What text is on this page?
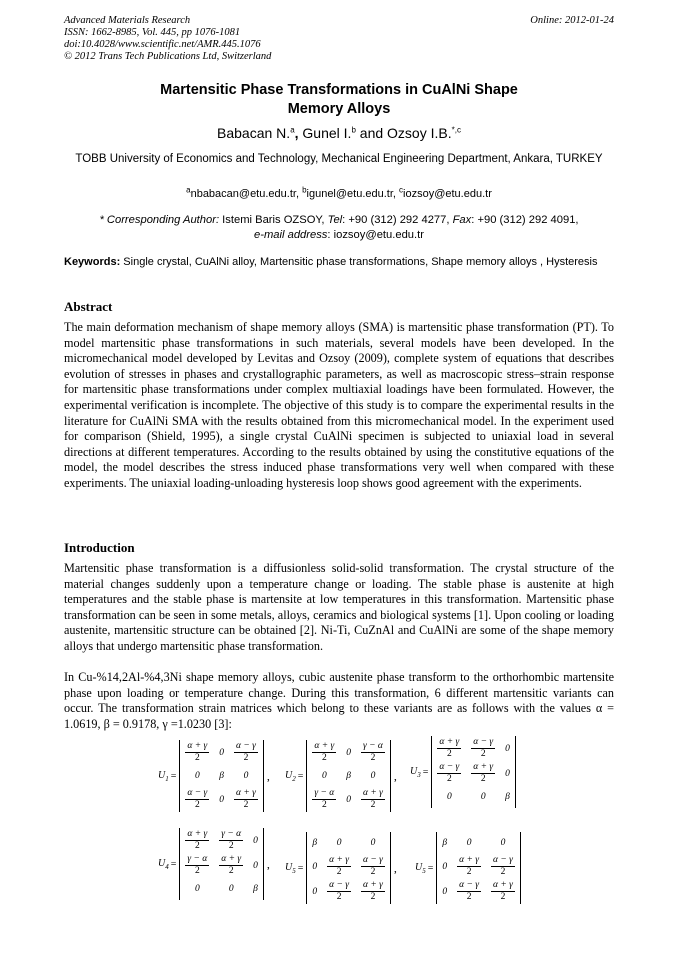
Advanced Materials Research
ISSN: 1662-8985, Vol. 445, pp 1076-1081
doi:10.4028/www.scientific.net/AMR.445.1076
© 2012 Trans Tech Publications Ltd, Switzerland
Online: 2012-01-24
Martensitic Phase Transformations in CuAlNi Shape
Memory Alloys
Babacan N.$^a$, Gunel I.$^b$ and Ozsoy I.B.$^{*,c}$
TOBB University of Economics and Technology, Mechanical Engineering Department, Ankara, TURKEY
$^a$nbabacan@etu.edu.tr, $^b$igunel@etu.edu.tr, $^c$iozsoy@etu.edu.tr
* Corresponding Author: Istemi Baris OZSOY, Tel: +90 (312) 292 4277, Fax: +90 (312) 292 4091,
e-mail address: iozsoy@etu.edu.tr
Keywords: Single crystal, CuAlNi alloy, Martensitic phase transformations, Shape memory alloys , Hysteresis
Abstract

The main deformation mechanism of shape memory alloys (SMA) is martensitic phase transformation (PT). To model martensitic phase transformations in such materials, several models have been developed. In the micromechanical model developed by Levitas and Ozsoy (2009), complete system of equations that describes evolution of stresses in phases and crystallographic parameters, as well as macroscopic stress–strain response for martensitic phase transformations under complex multiaxial loadings have been formulated. However, the experimental verification is incomplete. The objective of this study is to compare the experimental results in the literature for CuAlNi SMA with the results obtained from this micromechanical model. In the experiment used for comparison (Shield, 1995), a single crystal CuAlNi specimen is subjected to uniaxial load in several directions at different temperatures. According to the results obtained by using the constitutive equations of the model, the model describes the stress induced phase transformations very well when compared with these experiments. The uniaxial loading-unloading hysteresis loop shows good agreement with the experiments.

Introduction

Martensitic phase transformation is a diffusionless solid-solid transformation. The crystal structure of the material changes suddenly upon a temperature change or loading. The stable phase is austenite at high temperatures and the stable phase is martensite at low temperatures in this transformation. Martensitic phase transformation can be seen in some metals, alloys, ceramics and biological systems [1]. Upon cooling or loading austenite, martensitic structure can be obtained [2]. Ni-Ti, CuZnAl and CuAlNi are some of the shape memory alloys that undergo martensitic phase transformation.

In Cu-%14,2Al-%4,3Ni shape memory alloys, cubic austenite phase transform to the orthorhombic martensite phase upon loading or temperature change. During this transformation, 6 different martensitic variants can occur. The transformation strain matrices which belong to these variants are as follows with the values α = 1.0619, β = 0.9178, γ =1.0230 [3]:

$U_1$ =
$\frac{\alpha + \gamma}{2}$	0	$\frac{\alpha - \gamma}{2}$

0	β	0

$\frac{\alpha - \gamma}{2}$	0	$\frac{\alpha + \gamma}{2}$
, $U_2$ =
$\frac{\alpha + \gamma}{2}$	0	$\frac{\gamma - \alpha}{2}$

0	β	0

$\frac{\gamma - \alpha}{2}$	0	$\frac{\alpha + \gamma}{2}$
, $U_3$ =
$\frac{\alpha + \gamma}{2}$	$\frac{\alpha - \gamma}{2}$	0

$\frac{\alpha - \gamma}{2}$	$\frac{\alpha + \gamma}{2}$	0
0	0	β
$U_4$ =
$\frac{\alpha + \gamma}{2}$	$\frac{\gamma - \alpha}{2}$	0

$\frac{\gamma - \alpha}{2}$	$\frac{\alpha + \gamma}{2}$	0
0	0	β
, $U_5$ =
β	0	0
0	$\frac{\alpha + \gamma}{2}$	$\frac{\alpha - \gamma}{2}$

0	$\frac{\alpha - \gamma}{2}$	$\frac{\alpha + \gamma}{2}$
, $U_5$ =
β	0	0
0	$\frac{\alpha + \gamma}{2}$	$\frac{\alpha - \gamma}{2}$

0	$\frac{\alpha - \gamma}{2}$	$\frac{\alpha + \gamma}{2}$
